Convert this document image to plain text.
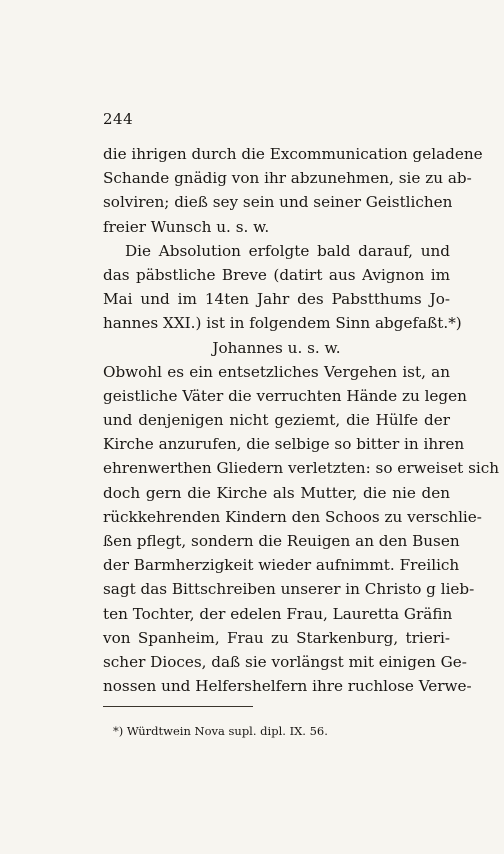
244
die ihrigen durch die Excommunication geladene
Schande gnädig von ihr abzunehmen, sie zu ab-
solviren; dieß sey sein und seiner Geistlichen
freier Wunsch u. s. w.
Die Absolution erfolgte bald darauf, und
das päbstliche Breve (datirt aus Avignon im
Mai und im 14ten Jahr des Pabstthums Jo-
hannes XXI.) ist in folgendem Sinn abgefaßt.*)
Johannes u. s. w.
Obwohl es ein entsetzliches Vergehen ist, an
geistliche Väter die verruchten Hände zu legen
und denjenigen nicht geziemt, die Hülfe der
Kirche anzurufen, die selbige so bitter in ihren
ehrenwerthen Gliedern verletzten: so erweiset sich
doch gern die Kirche als Mutter, die nie den
rückkehrenden Kindern den Schoos zu verschlie-
ßen pflegt, sondern die Reuigen an den Busen
der Barmherzigkeit wieder aufnimmt. Freilich
sagt das Bittschreiben unserer in Christo g lieb-
ten Tochter, der edelen Frau, Lauretta Gräfin
von Spanheim, Frau zu Starkenburg, trieri-
scher Dioces, daß sie vorlängst mit einigen Ge-
nossen und Helfershelfern ihre ruchlose Verwe-
*) Würdtwein Nova supl. dipl. IX. 56.
